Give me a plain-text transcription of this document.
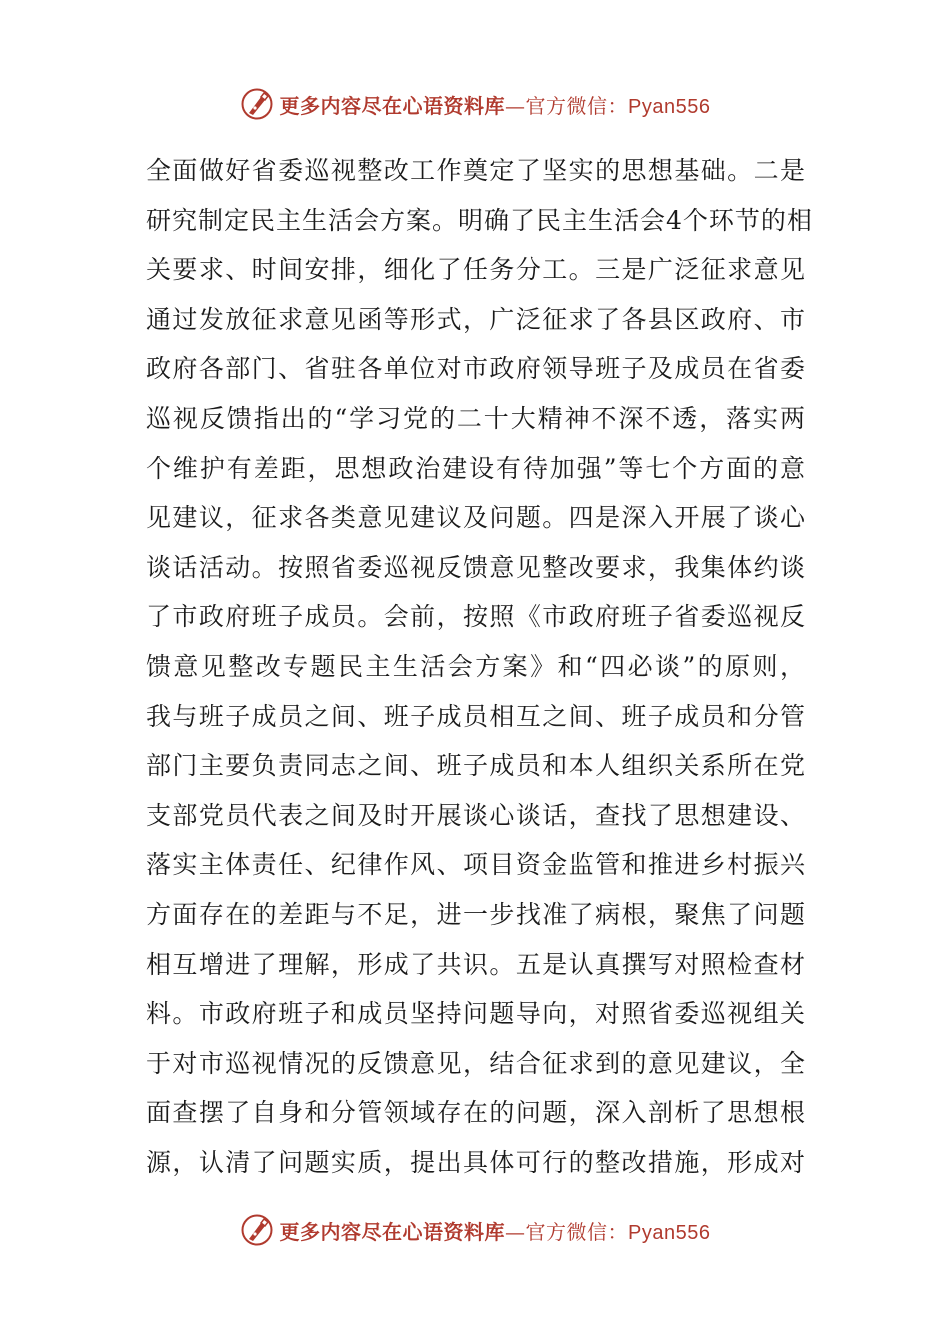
更多内容尽在心语资料库—官方微信：Pyan556
全面做好省委巡视整改工作奠定了坚实的思想基础。二是
研究制定民主生活会方案。明确了民主生活会4个环节的相
关要求、时间安排，细化了任务分工。三是广泛征求意见
通过发放征求意见函等形式，广泛征求了各县区政府、市
政府各部门、省驻各单位对市政府领导班子及成员在省委
巡视反馈指出的“学习党的二十大精神不深不透，落实两
个维护有差距，思想政治建设有待加强”等七个方面的意
见建议，征求各类意见建议及问题。四是深入开展了谈心
谈话活动。按照省委巡视反馈意见整改要求，我集体约谈
了市政府班子成员。会前，按照《市政府班子省委巡视反
馈意见整改专题民主生活会方案》和“四必谈”的原则，
我与班子成员之间、班子成员相互之间、班子成员和分管
部门主要负责同志之间、班子成员和本人组织关系所在党
支部党员代表之间及时开展谈心谈话，查找了思想建设、
落实主体责任、纪律作风、项目资金监管和推进乡村振兴
方面存在的差距与不足，进一步找准了病根，聚焦了问题
相互增进了理解，形成了共识。五是认真撰写对照检查材
料。市政府班子和成员坚持问题导向，对照省委巡视组关
于对市巡视情况的反馈意见，结合征求到的意见建议，全
面查摆了自身和分管领域存在的问题，深入剖析了思想根
源，认清了问题实质，提出具体可行的整改措施，形成对
更多内容尽在心语资料库—官方微信：Pyan556
